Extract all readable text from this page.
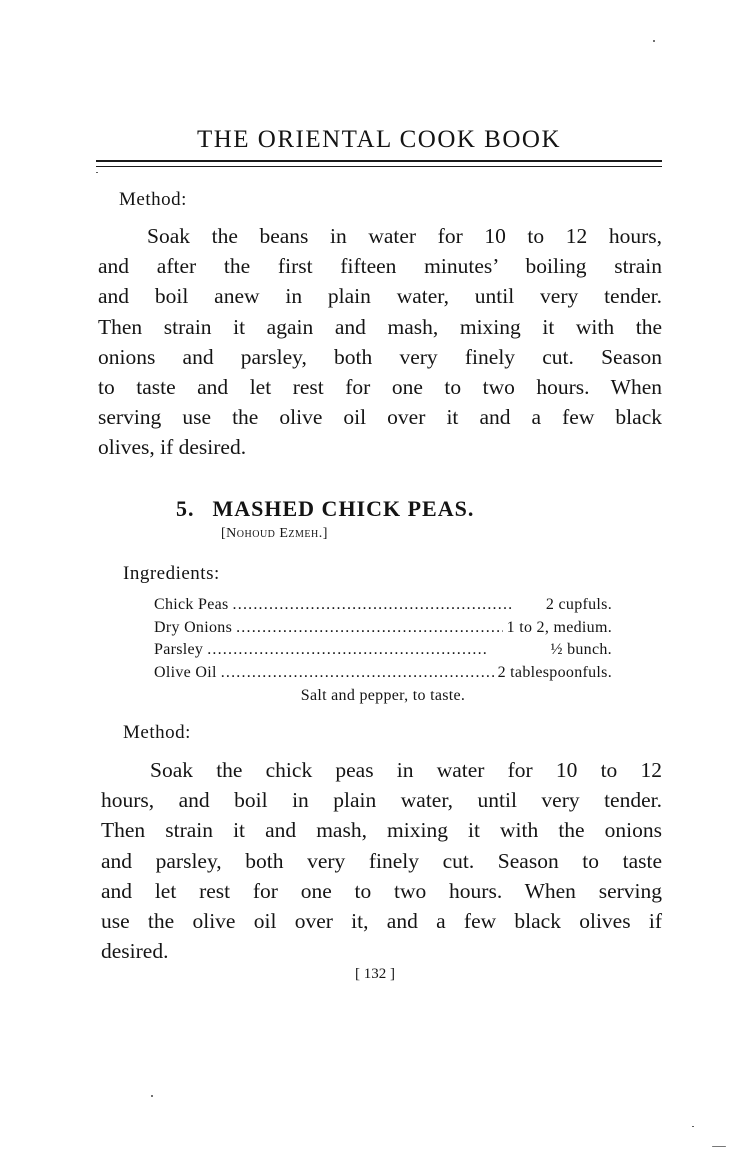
THE ORIENTAL COOK BOOK
Method:
Soak the beans in water for 10 to 12 hours,
and after the first fifteen minutes’ boiling strain
and boil anew in plain water, until very tender.
Then strain it again and mash, mixing it with the
onions and parsley, both very finely cut. Season
to taste and let rest for one to two hours. When
serving use the olive oil over it and a few black
olives, if desired.
5. MASHED CHICK PEAS.
[Nohoud Ezmeh.]
Ingredients:
Chick Peas . . .	2 cupfuls.
Dry Onions . . .	1 to 2, medium.
Parsley . . .	½ bunch.
Olive Oil . . .	2 tablespoonfuls.
Salt and pepper, to taste.
Method:
Soak the chick peas in water for 10 to 12
hours, and boil in plain water, until very tender.
Then strain it and mash, mixing it with the onions
and parsley, both very finely cut. Season to taste
and let rest for one to two hours. When serving
use the olive oil over it, and a few black olives if
desired.
[ 132 ]
